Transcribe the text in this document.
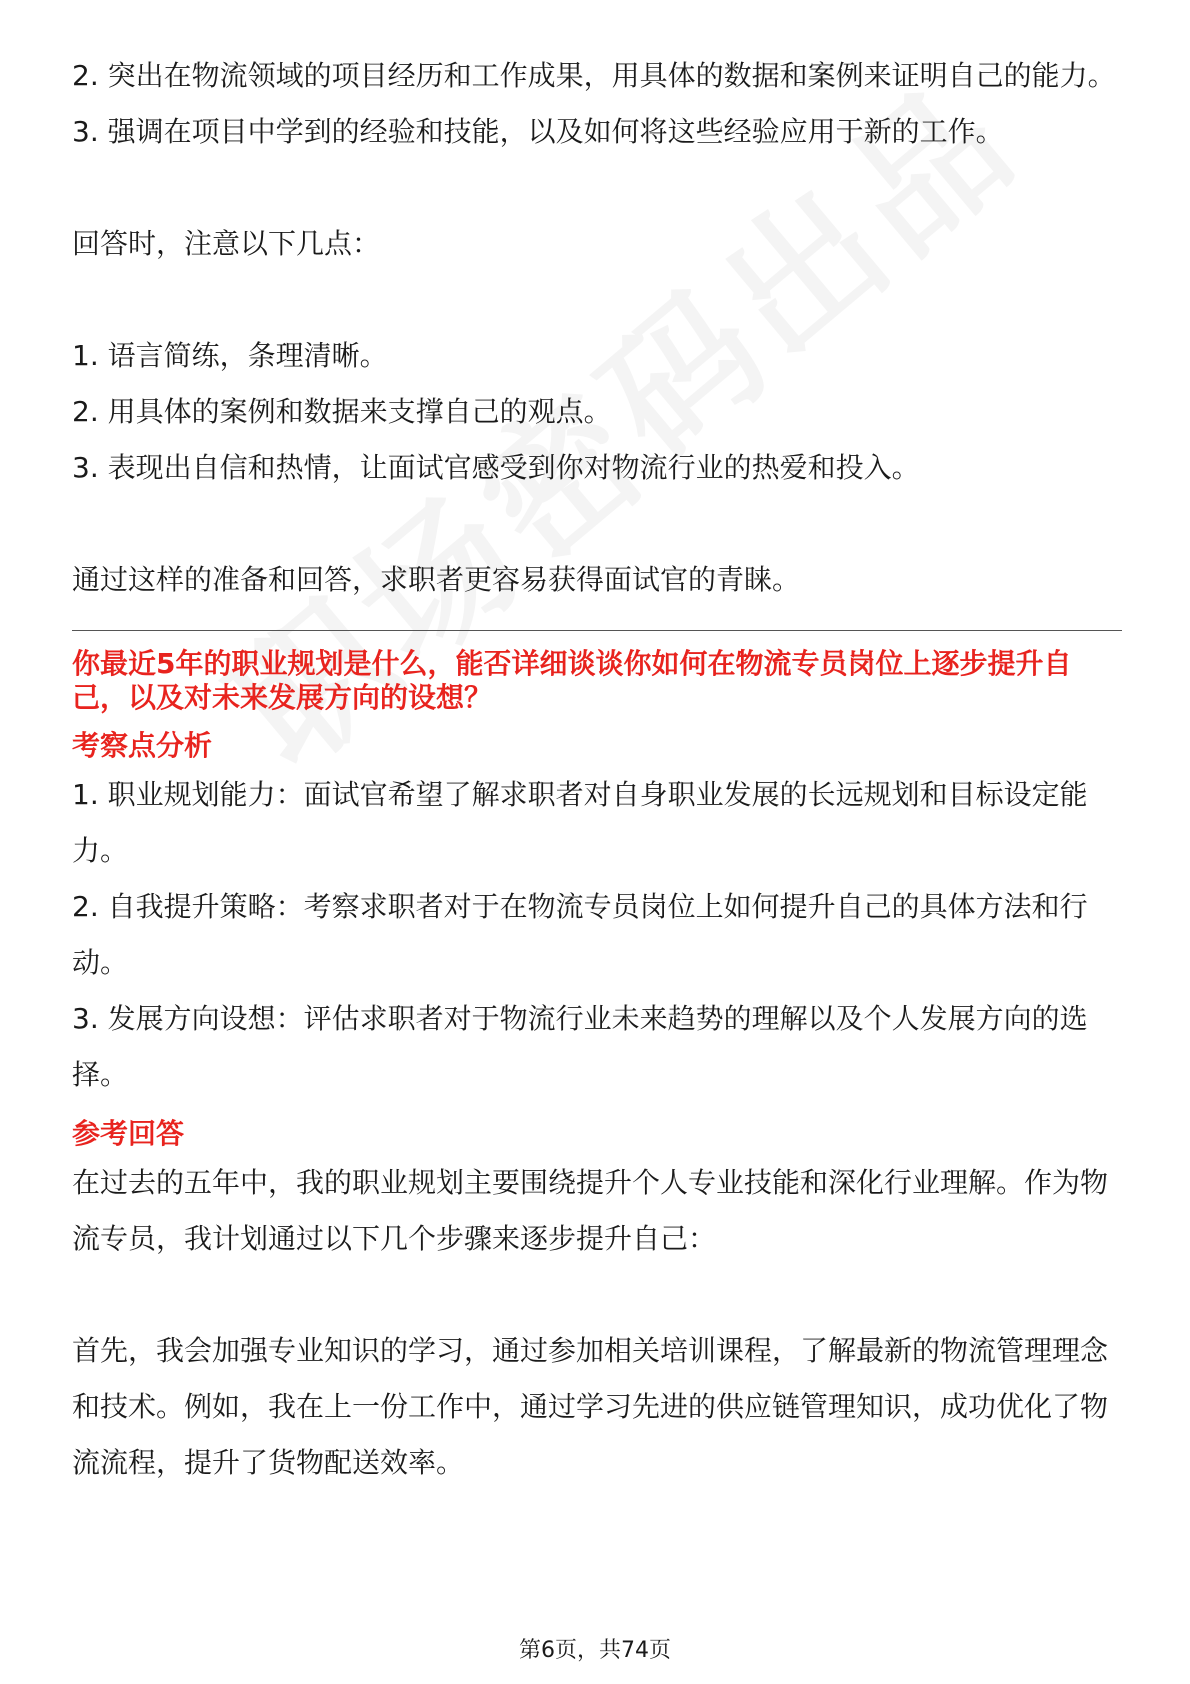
2. 突出在物流领域的项目经历和工作成果，用具体的数据和案例来证明自己的能力。

3. 强调在项目中学到的经验和技能，以及如何将这些经验应用于新的工作。

回答时，注意以下几点：

1. 语言简练，条理清晰。

2. 用具体的案例和数据来支撑自己的观点。

3. 表现出自信和热情，让面试官感受到你对物流行业的热爱和投入。

通过这样的准备和回答，求职者更容易获得面试官的青睐。

你最近5年的职业规划是什么，能否详细谈谈你如何在物流专员岗位上逐步提升自己，以及对未来发展方向的设想？

考察点分析

1. 职业规划能力：面试官希望了解求职者对自身职业发展的长远规划和目标设定能力。

2. 自我提升策略：考察求职者对于在物流专员岗位上如何提升自己的具体方法和行动。

3. 发展方向设想：评估求职者对于物流行业未来趋势的理解以及个人发展方向的选择。

参考回答

在过去的五年中，我的职业规划主要围绕提升个人专业技能和深化行业理解。作为物流专员，我计划通过以下几个步骤来逐步提升自己：

首先，我会加强专业知识的学习，通过参加相关培训课程，了解最新的物流管理理念和技术。例如，我在上一份工作中，通过学习先进的供应链管理知识，成功优化了物流流程，提升了货物配送效率。

第6页，共74页
